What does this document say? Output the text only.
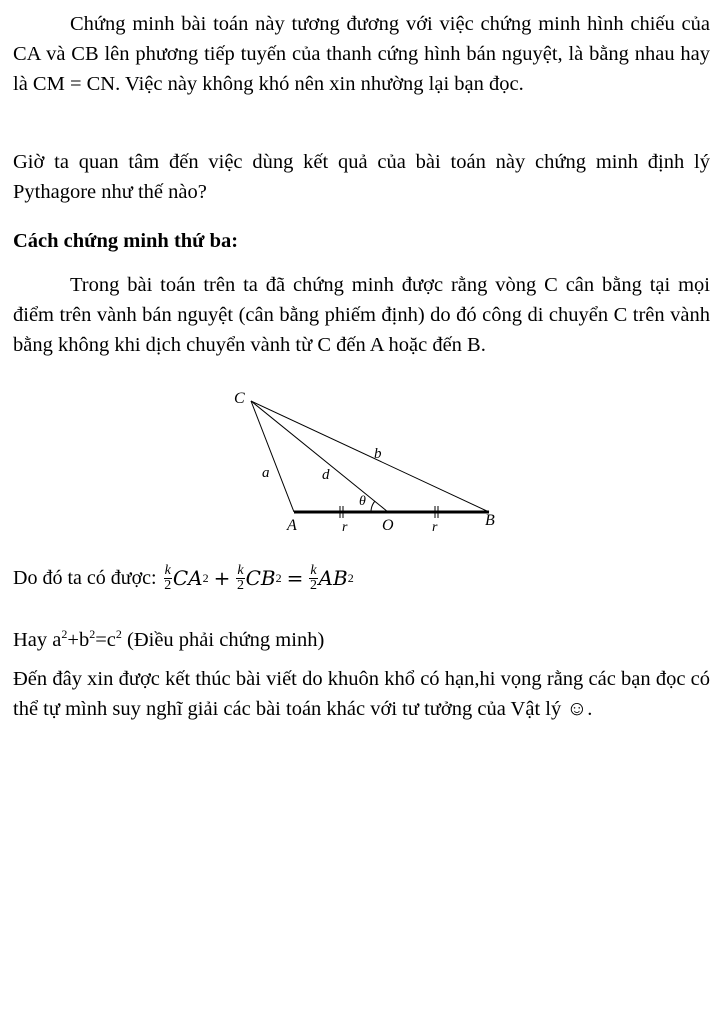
Chứng minh bài toán này tương đương với việc chứng minh hình chiếu của CA và CB lên phương tiếp tuyến của thanh cứng hình bán nguyệt, là bằng nhau hay là CM = CN. Việc này không khó nên xin nhường lại bạn đọc.

Giờ ta quan tâm đến việc dùng kết quả của bài toán này chứng minh định lý Pythagore như thế nào?

Cách chứng minh thứ ba:

Trong bài toán trên ta đã chứng minh được rằng vòng C cân bằng tại mọi điểm trên vành bán nguyệt (cân bằng phiếm định) do đó công di chuyển C trên vành bằng không khi dịch chuyển vành từ C đến A hoặc đến B.

C
a	d
b
θ
A	r O	r	B
Do đó ta có được: $\frac{k}{2}$ CA $2 + \frac{k}{2}$ CB $2 = \frac{k}{2}$ AB 2

Hay $a^2+b^2=c^2$ (Điều phải chứng minh)

Đến đây xin được kết thúc bài viết do khuôn khổ có hạn,hi vọng rằng các bạn đọc có thể tự mình suy nghĩ giải các bài toán khác với tư tưởng của Vật lý ☺.
